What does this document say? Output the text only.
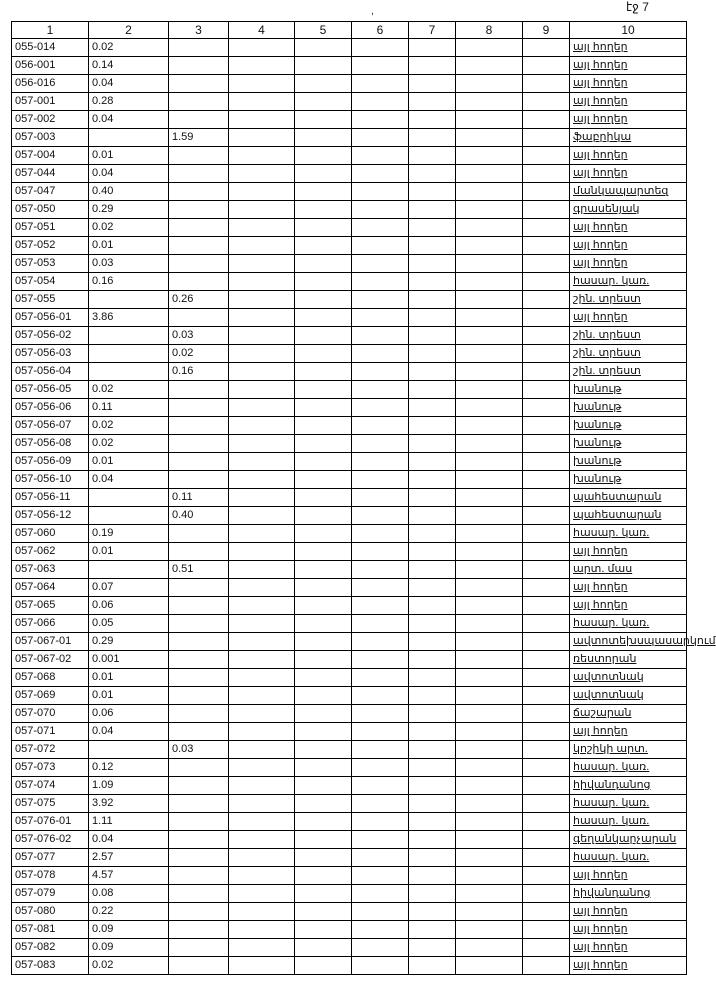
էջ 7
,
1	2	3	4	5	6	7	8	9	10
055-014	0.02								այլ հողեր
056-001	0.14								այլ հողեր
056-016	0.04								այլ հողեր
057-001	0.28								այլ հողեր
057-002	0.04								այլ հողեր
057-003		1.59							ֆաբրիկա
057-004	0.01								այլ հողեր
057-044	0.04								այլ հողեր
057-047	0.40								մանկապարտեզ
057-050	0.29								գրասենյակ
057-051	0.02								այլ հողեր
057-052	0.01								այլ հողեր
057-053	0.03								այլ հողեր
057-054	0.16								հասար. կառ.
057-055		0.26							շին. տրեստ
057-056-01	3.86								այլ հողեր
057-056-02		0.03							շին. տրեստ
057-056-03		0.02							շին. տրեստ
057-056-04		0.16							շին. տրեստ
057-056-05	0.02								խանութ
057-056-06	0.11								խանութ
057-056-07	0.02								խանութ
057-056-08	0.02								խանութ
057-056-09	0.01								խանութ
057-056-10	0.04								խանութ
057-056-11		0.11							պահեստարան
057-056-12		0.40							պահեստարան
057-060	0.19								հասար. կառ.
057-062	0.01								այլ հողեր
057-063		0.51							արտ. մաս
057-064	0.07								այլ հողեր
057-065	0.06								այլ հողեր
057-066	0.05								հասար. կառ.
057-067-01	0.29								ավտոտեխսպասարկում
057-067-02	0.001								ռեստորան
057-068	0.01								ավտոտնակ
057-069	0.01								ավտոտնակ
057-070	0.06								ճաշարան
057-071	0.04								այլ հողեր
057-072		0.03							կոշիկի արտ.
057-073	0.12								հասար. կառ.
057-074	1.09								հիվանդանոց
057-075	3.92								հասար. կառ.
057-076-01	1.11								հասար. կառ.
057-076-02	0.04								գեղանկարչարան
057-077	2.57								հասար. կառ.
057-078	4.57								այլ հողեր
057-079	0.08								հիվանդանոց
057-080	0.22								այլ հողեր
057-081	0.09								այլ հողեր
057-082	0.09								այլ հողեր
057-083	0.02								այլ հողեր
